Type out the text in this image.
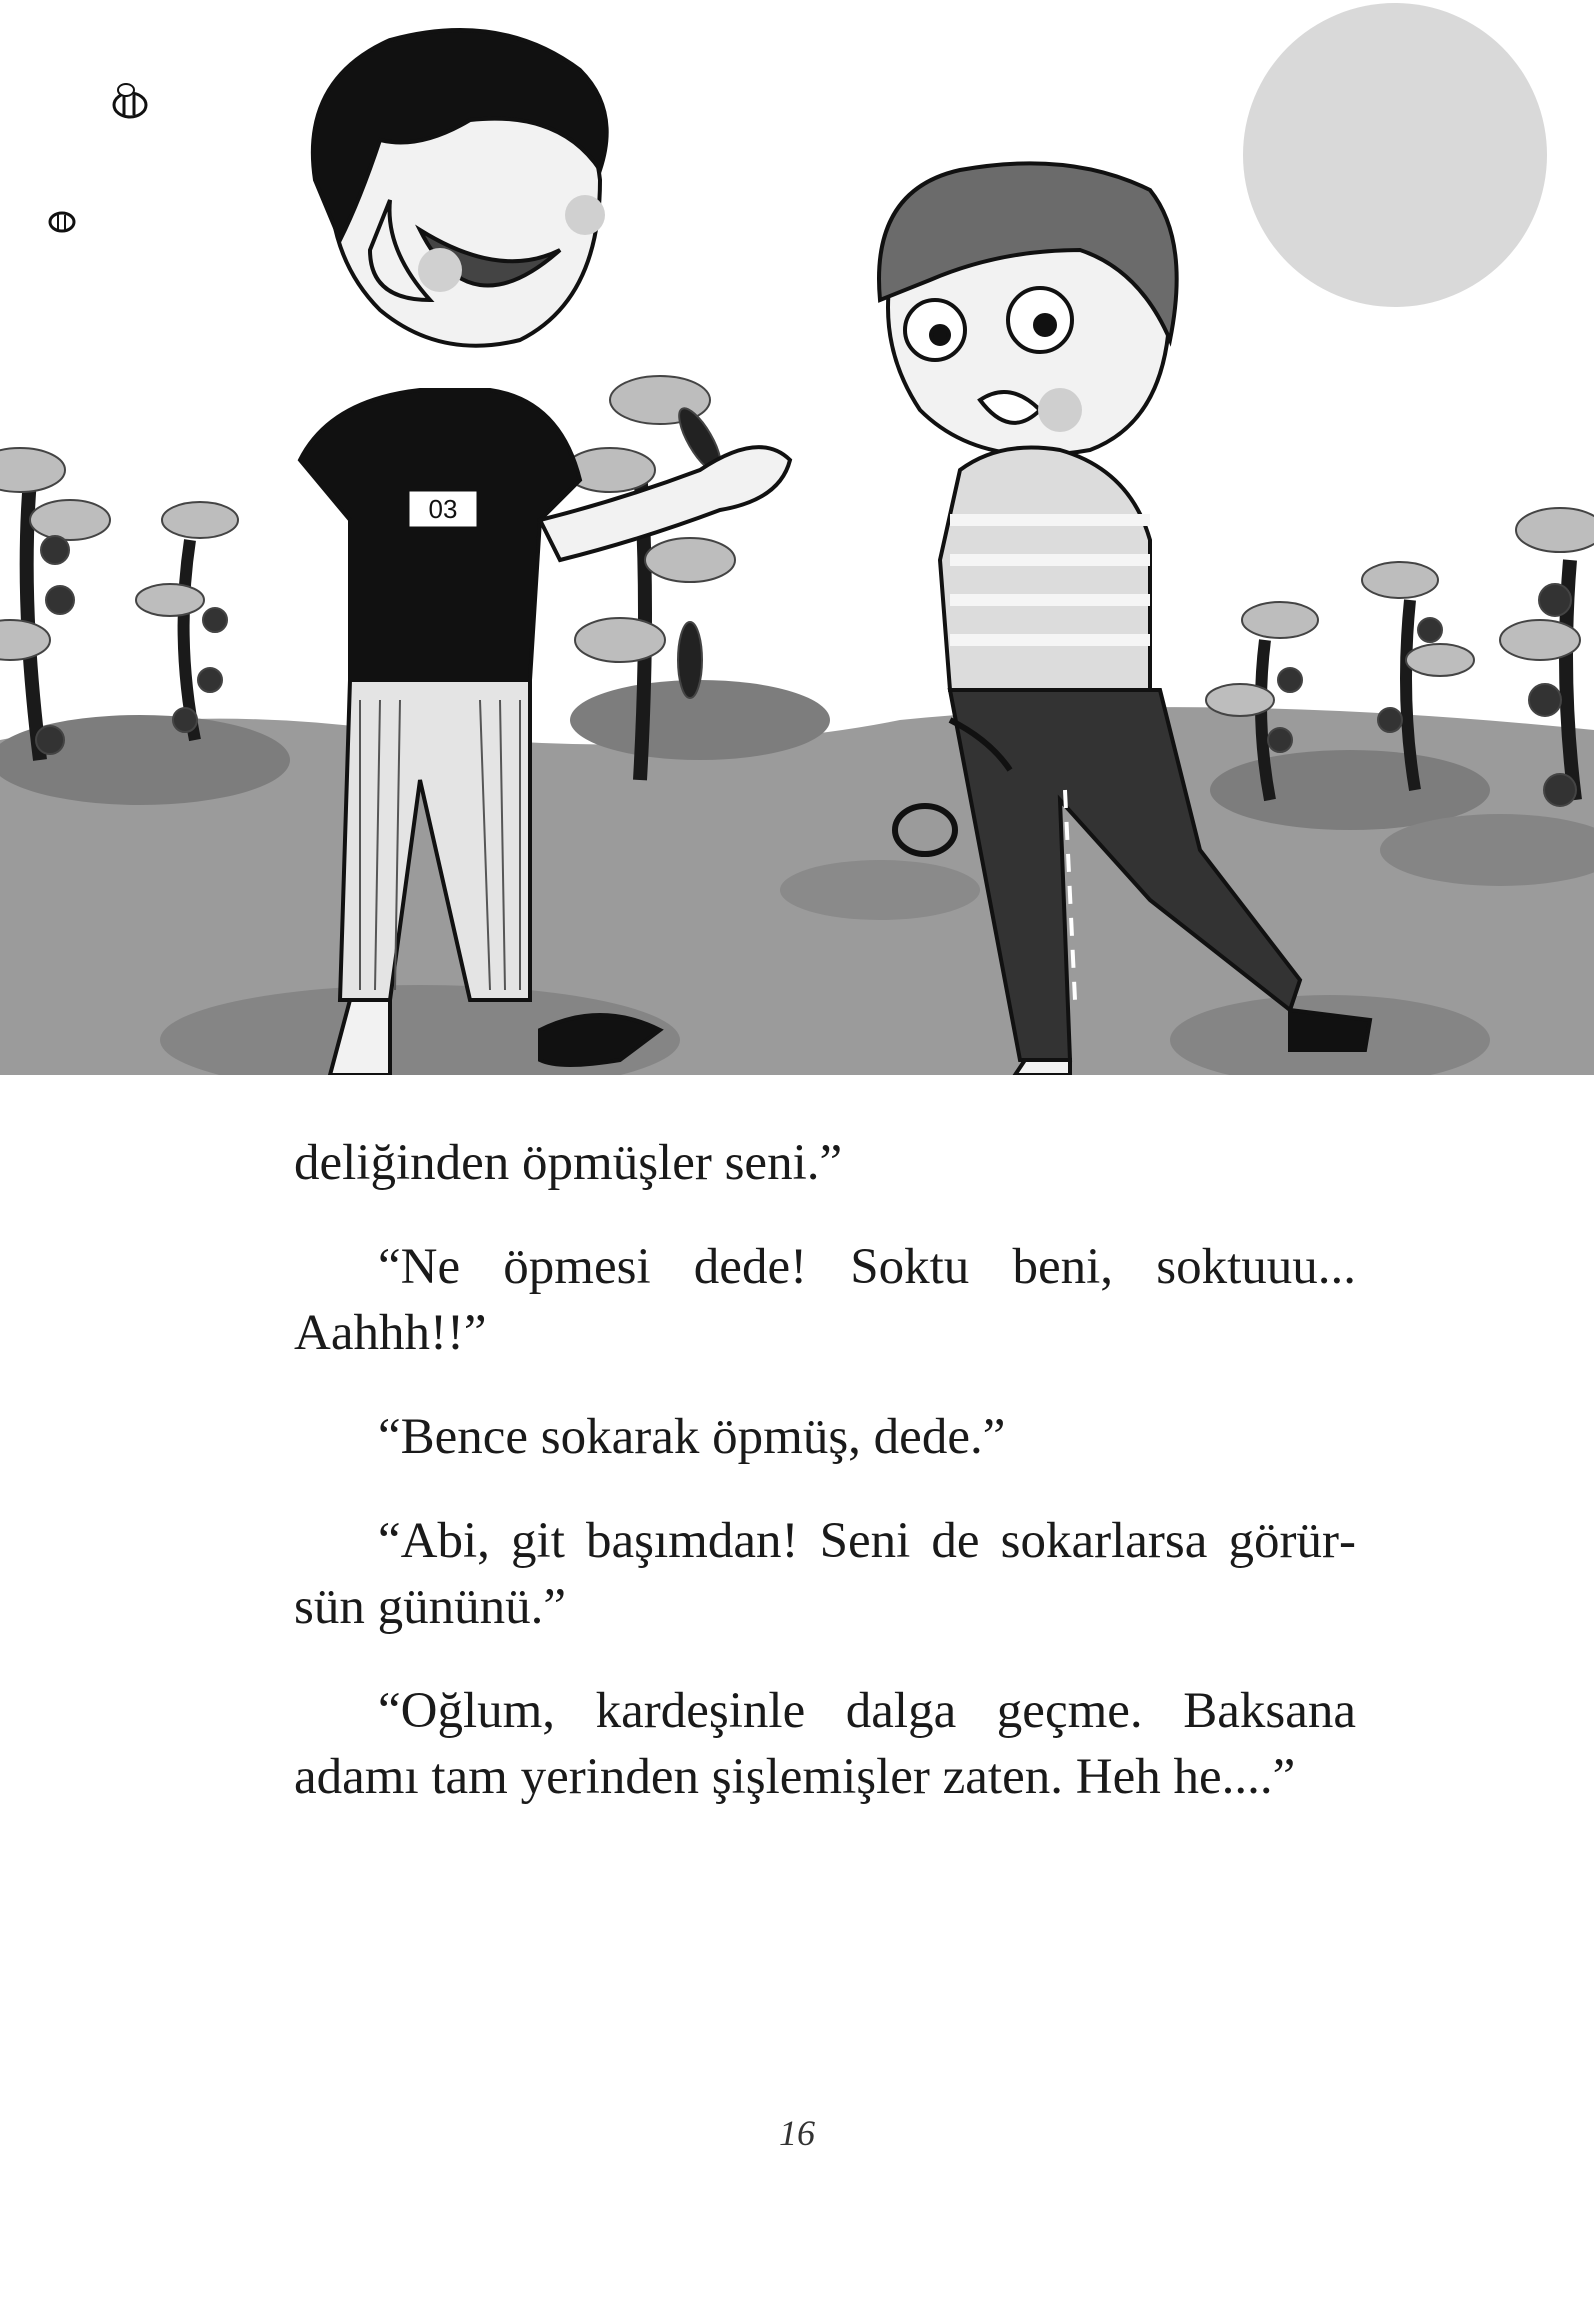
03

deliğinden öpmüşler seni.”

“Ne öpmesi dede! Soktu beni, soktuuu... Aahhh!!”

“Bence sokarak öpmüş, dede.”

“Abi, git başımdan! Seni de sokarlarsa görürsün gününü.”

“Oğlum, kardeşinle dalga geçme. Baksana adamı tam yerinden şişlemişler zaten. Heh he....”

16
